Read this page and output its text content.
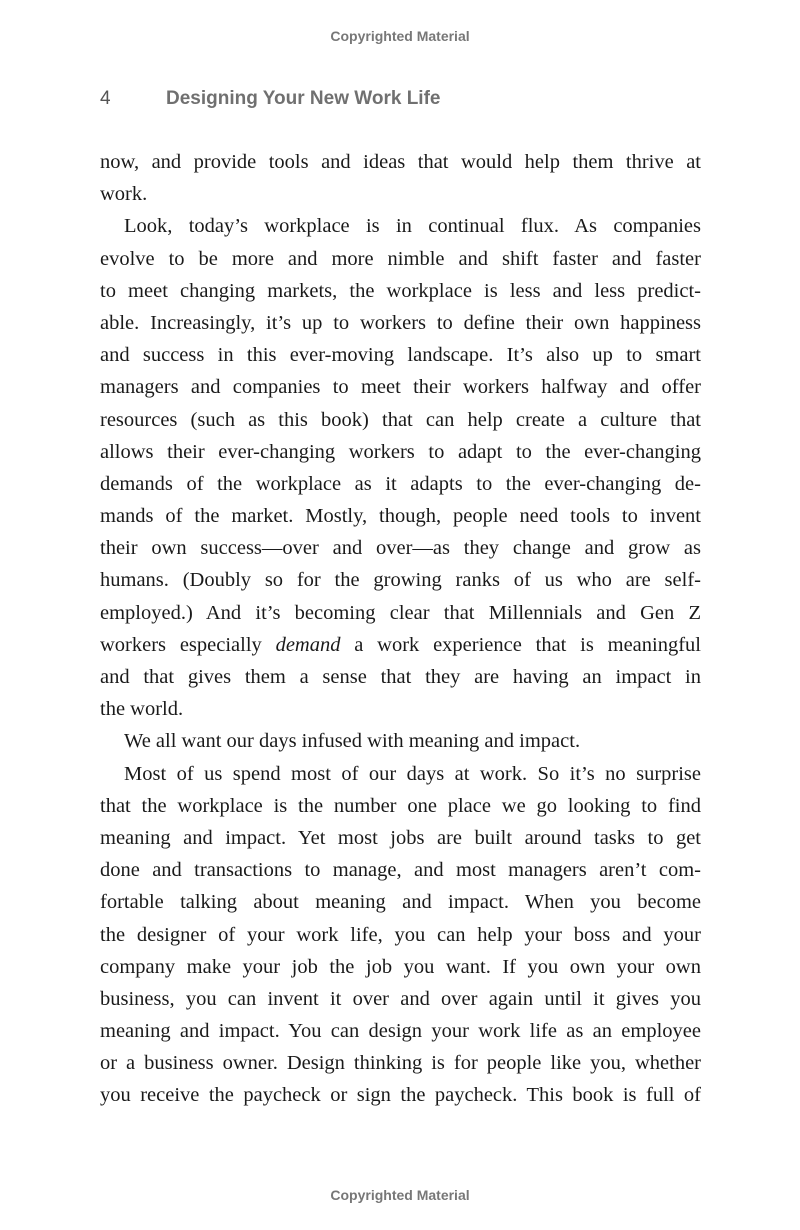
Copyrighted Material
4	Designing Your New Work Life
now, and provide tools and ideas that would help them thrive at
work.
Look, today’s workplace is in continual flux. As companies
evolve to be more and more nimble and shift faster and faster
to meet changing markets, the workplace is less and less predict-
able. Increasingly, it’s up to workers to define their own happiness
and success in this ever-moving landscape. It’s also up to smart
managers and companies to meet their workers halfway and offer
resources (such as this book) that can help create a culture that
allows their ever-changing workers to adapt to the ever-changing
demands of the workplace as it adapts to the ever-changing de-
mands of the market. Mostly, though, people need tools to invent
their own success—over and over—as they change and grow as
humans. (Doubly so for the growing ranks of us who are self-
employed.) And it’s becoming clear that Millennials and Gen Z
workers especially demand a work experience that is meaningful
and that gives them a sense that they are having an impact in
the world.
We all want our days infused with meaning and impact.
Most of us spend most of our days at work. So it’s no surprise
that the workplace is the number one place we go looking to find
meaning and impact. Yet most jobs are built around tasks to get
done and transactions to manage, and most managers aren’t com-
fortable talking about meaning and impact. When you become
the designer of your work life, you can help your boss and your
company make your job the job you want. If you own your own
business, you can invent it over and over again until it gives you
meaning and impact. You can design your work life as an employee
or a business owner. Design thinking is for people like you, whether
you receive the paycheck or sign the paycheck. This book is full of
Copyrighted Material
